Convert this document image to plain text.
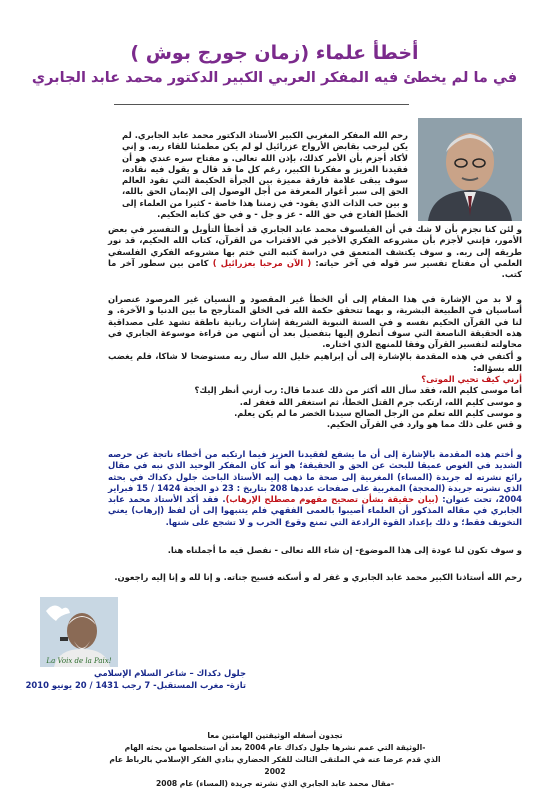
أخطأ علماء (زمان جورج بوش )
في ما لم يخطئ فيه المفكر العربي الكبير الدكتور محمد عابد الجابري

رحم الله المفكر المغربي الكبير الأستاذ الدكتور محمد عابد الجابري. لم يكن ليرحب بقابض الأرواح عزرائيل لو لم يكن مطمئنا للقاء ربه. و إني لأكاد أجزم بأن الأمر كذلك، بإذن الله تعالى. و مفتاح سره عندي هو أن فقيدنا العزيز و مفكرنا الكبير، رغم كل ما قد قال و يقول فيه نقاده، سوف يبقى علامة فارقة مميزة بين الجرأة الحكيمة التي تقود العالم الحق إلى سبر أغوار المعرفة من أجل الوصول إلى الإيمان الحق بالله، و بين حب الذات الذي يقود- في زمننا هذا خاصة - كثيرا من العلماء إلى الخطإ الفادح في حق الله - عز و جل - و في حق كتابه الحكيم.

و لئن كنا نجزم بأن لا شك في أن الفيلسوف محمد عابد الجابري قد أخطأ التأويل و التفسير في بعض الأمور، فإنني لأجزم بأن مشروعه الفكري الأخير في الاقتراب من القرآن، كتاب الله الحكيم، قد نور طريقه إلى ربه. و سوف يكتشف المتعمق في دراسة كتبه التي ختم بها مشروعه الفكري الفلسفي العلمي أن مفتاح تفسير سر قوله في آخر حياته: ( الآن مرحبا بعزرائيل ) كامن بين سطور آخر ما كتب.

و لا بد من الإشارة في هذا المقام إلى أن الخطأ غير المقصود و النسيان غير المرصود عنصران أساسيان في الطبيعة البشرية، و بهما تتحقق حكمة الله في الخلق المتأرجح ما بين الدنيا و الآخرة. و لنا في القرآن الحكيم نفسه و في السنة النبوية الشريفة إشارات ربانية ناطقة تشهد على مصداقية هذه الحقيقة الناصعة التي سوف أتطرق إليها بتفصيل بعد أن أنتهي من قراءة موسوعة الجابري في محاولته لتفسير القرآن وفقا للمنهج الذي اختاره.

و أكتفي في هذه المقدمة بالإشارة إلى أن إبراهيم خليل الله سأل ربه مستوضحا لا شاكا، فلم يغضب الله بسؤاله:

أرني كيف تحيي الموتى؟

أما موسى كليم الله، فقد سأل الله أكثر من ذلك عندما قال: رب أرني أنظر إليك؟

و موسى كليم الله، ارتكب جرم القتل الخطأ، ثم استغفر الله فغفر له.

و موسى كليم الله تعلم من الرجل الصالح سيدنا الخضر ما لم يكن يعلم.

و قس على ذلك مما هو وارد في القرآن الحكيم.

و أختم هذه المقدمة بالإشارة إلى أن ما يشفع لفقيدنا العزيز فيما ارتكبه من أخطاء ناتجة عن حرصه الشديد في الغوص عميقا للبحث عن الحق و الحقيقة؛ هو أنه كان المفكر الوحيد الذي نبه في مقال رائع نشرته له جريدة (المساء) المغربية إلى صحة ما ذهب إليه الأستاذ الباحث جلول دكداك في بحثه الذي نشرته جريدة (المحجة) المغربية على صفحات عددها 208 بتاريخ : 23 ذو الحجة 1424 / 15 فبراير 2004، تحت عنوان: (بيان حقيقة بشأن تصحيح مفهوم مصطلح الإرهاب). فقد أكد الأستاذ محمد عابد الجابري في مقاله المذكور أن العلماء أصيبوا بالعمى الفقهي فلم يتنبهوا إلى أن لفظ (إرهاب) يعني التخويف فقط؛ و ذلك بإعداد القوة الرادعة التي تمنع وقوع الحرب و لا تشجع على شنها.

و سوف تكون لنا عودة إلى هذا الموضوع- إن شاء الله تعالى - نفصل فيه ما أجملناه هنا.

رحم الله أستاذنا الكبير محمد عابد الجابري و غفر له و أسكنه فسيح جناته. و إنا لله و إنا إليه راجعون.

La Voix de la Paix!
جلول دكداك – شاعر السلام الإسلامي
تازة- مغرب المستقبل- 7 رجب 1431 / 20 يونيو 2010
تجدون أسفله الوثيقتين الهامتين معا
-الوثيقة التي عمم نشرها جلول دكداك عام 2004 بعد أن استخلصها من بحثه الهام
الذي قدم عرضا عنه في الملتقى الثالث للفكر الحضاري بنادي الفكر الإسلامي بالرباط عام 2002
-مقال محمد عابد الجابري الذي نشرته جريدة (المساء) عام 2008
